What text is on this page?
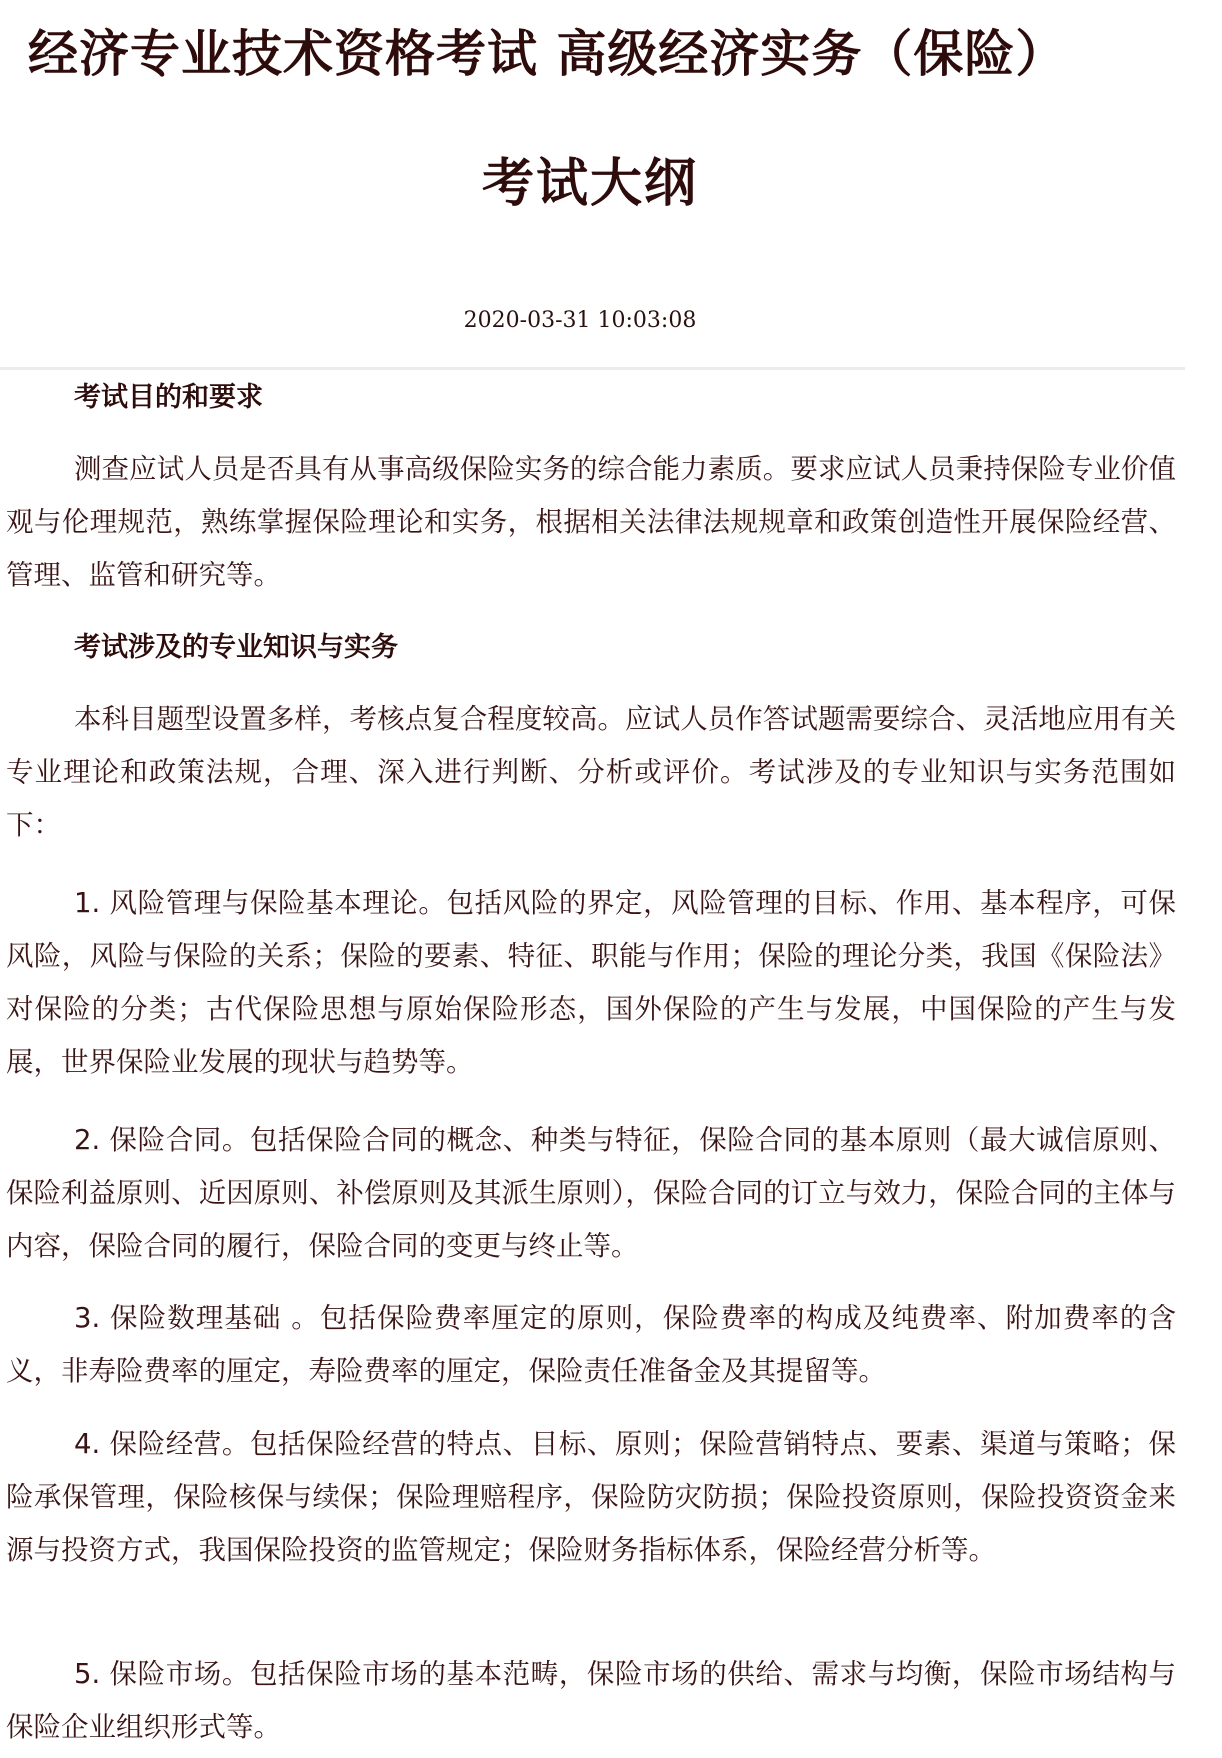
经济专业技术资格考试 高级经济实务（保险）
考试大纲
2020-03-31 10:03:08
考试目的和要求
测查应试人员是否具有从事高级保险实务的综合能力素质。要求应试人员秉持保险专业价值观与伦理规范，熟练掌握保险理论和实务，根据相关法律法规规章和政策创造性开展保险经营、管理、监管和研究等。
考试涉及的专业知识与实务
本科目题型设置多样，考核点复合程度较高。应试人员作答试题需要综合、灵活地应用有关专业理论和政策法规，合理、深入进行判断、分析或评价。考试涉及的专业知识与实务范围如下：
1. 风险管理与保险基本理论。包括风险的界定，风险管理的目标、作用、基本程序，可保风险，风险与保险的关系；保险的要素、特征、职能与作用；保险的理论分类，我国《保险法》对保险的分类；古代保险思想与原始保险形态，国外保险的产生与发展，中国保险的产生与发展，世界保险业发展的现状与趋势等。
2. 保险合同。包括保险合同的概念、种类与特征，保险合同的基本原则（最大诚信原则、保险利益原则、近因原则、补偿原则及其派生原则），保险合同的订立与效力，保险合同的主体与内容，保险合同的履行，保险合同的变更与终止等。
3. 保险数理基础 。包括保险费率厘定的原则，保险费率的构成及纯费率、附加费率的含义，非寿险费率的厘定，寿险费率的厘定，保险责任准备金及其提留等。
4. 保险经营。包括保险经营的特点、目标、原则；保险营销特点、要素、渠道与策略；保险承保管理，保险核保与续保；保险理赔程序，保险防灾防损；保险投资原则，保险投资资金来源与投资方式，我国保险投资的监管规定；保险财务指标体系，保险经营分析等。
5. 保险市场。包括保险市场的基本范畴，保险市场的供给、需求与均衡，保险市场结构与保险企业组织形式等。
